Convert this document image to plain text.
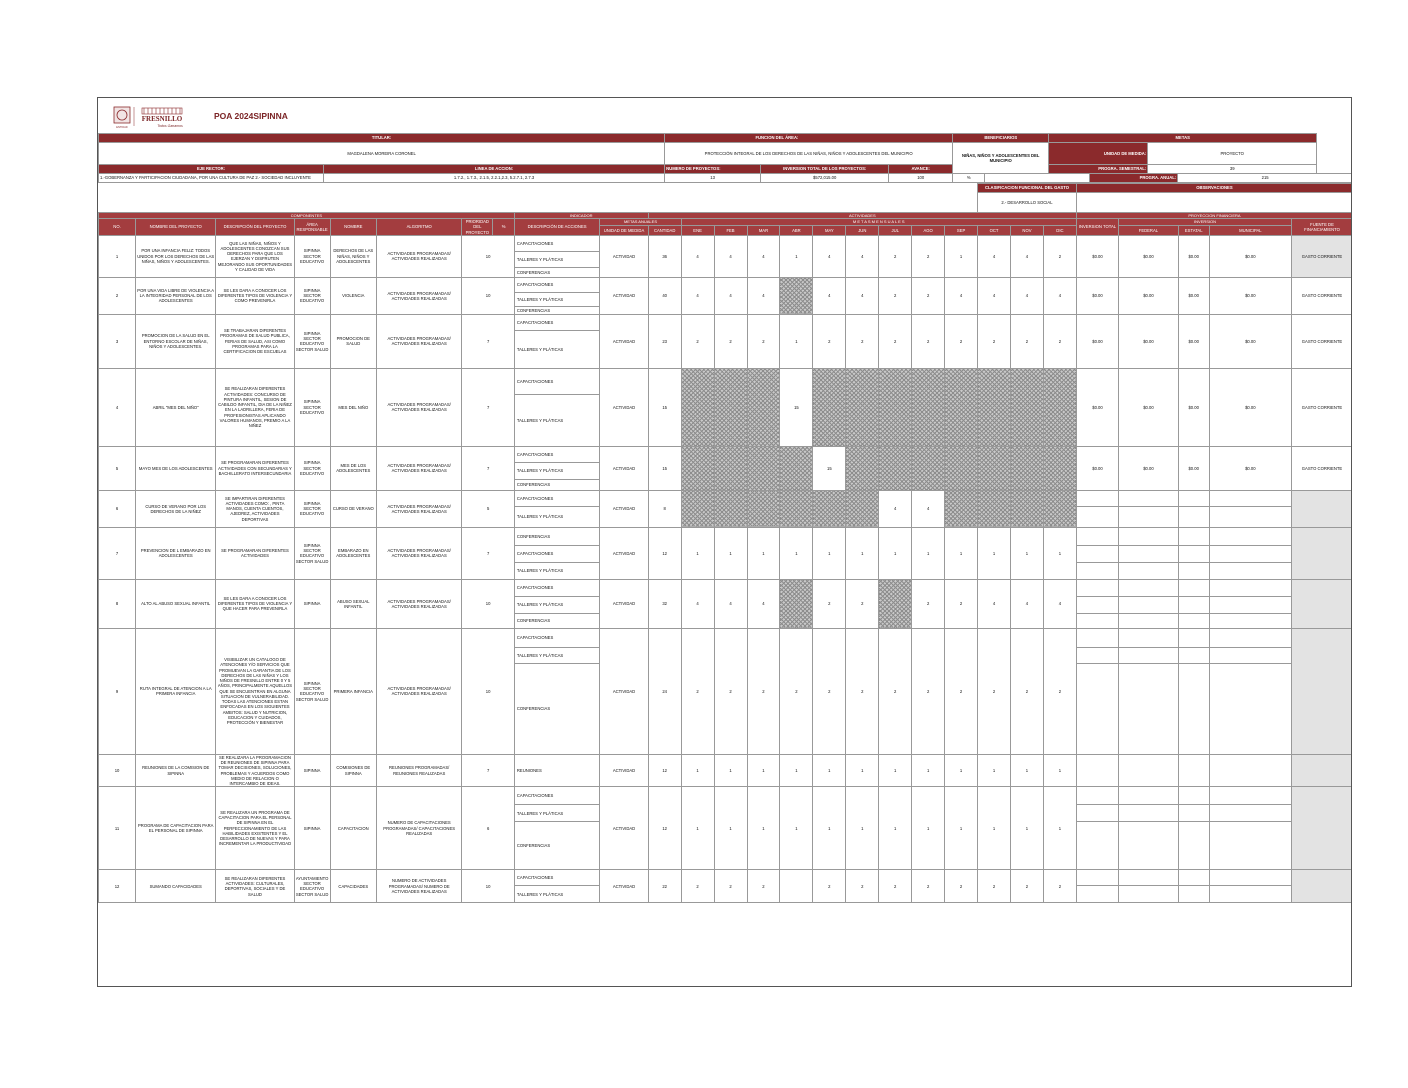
ENTIDAD
FRESNILLO
Todos Ganamos
POA 2024SIPINNA
TITULAR:		FUNCION DEL ÁREA:			BENEFICIARIOS		METAS			
MAGDALENA MOREIRA CORONEL		PROTECCIÓN INTEGRAL DE LOS DERECHOS DE LAS NIÑAS, NIÑOS Y ADOLESCENTES DEL MUNICIPIO			NIÑAS, NIÑOS Y ADOLESCENTES DEL MUNICIPIO		UNIDAD DE MEDIDA:		PROYECTO	
EJE RECTOR:	LINEA DE ACCION:	NUMERO DE PROYECTOS:	INVERSION TOTAL DE LOS PROYECTOS:	AVANCE:			PROGRA. SEMESTRAL:		39	
1.-GOBERNANZA Y PARTICIPACION CIUDADANA, POR UNA CULTURA DE PAZ 2.- SOCIEDAD INCLUYENTE	1.7.2., 1.7.3., 2.1.5, 2.2.1,2.3, 5.2.7.1, 2.7.3	13	$572,015.00	100	%			PROGRA. ANUAL:		215
																				CLASIFICACION FUNCIONAL DEL GASTO			OBSERVACIONES				
																				2.- DESARROLLO SOCIAL							
COMPONENTES								INDICADOR		ACTIVIDADES													PROYECCION FINANCIERA				
NO.	NOMBRE DEL PROYECTO	DESCRIPCIÓN DEL PROYECTO	ÁREA RESPONSABLE	NOMBRE	ALGORITMO	PRIORIDAD DEL PROYECTO	%	DESCRIPCIÓN DE ACCIONES	METAS ANUALES		M E T A S M E N S U A L E S												INVERSION TOTAL	INVERSION			FUENTE DE FINANCIAMIENTO
									UNIDAD DE MEDIDA	CANTIDAD	ENE	FEB	MAR	ABR	MAY	JUN	JUL	AGO	SEP	OCT	NOV	DIC		FEDERAL	ESTATAL	MUNICIPAL	
1	POR UNA INFANCIA FELIZ: TODOS UNIDOS POR LOS DERECHOS DE LAS NIÑAS, NIÑOS Y ADOLESCENTES.	QUE LAS NIÑAS, NIÑOS Y ADOLESCENTES CONOZCAN SUS DERECHOS PARA QUE LOS EJERZAN Y DISFRUTEN MEJORANDO SUS OPORTUNIDADES Y CALIDAD DE VIDA	SIPINNA SECTOR EDUCATIVO	DERECHOS DE LAS NIÑAS, NIÑOS Y ADOLESCENTES	ACTIVIDADES PROGRAMADAS/ ACTIVIDADES REALIZADAS	10		CAPACITACIONES	ACTIVIDAD	36	4	4	4	1	4	4	2	2	1	4	4	2	$0.00	$0.00	$0.00	$0.00	GASTO CORRIENTE
								TALLERES Y PLÁTICAS																			
								CONFERENCIAS																			
2	POR UNA VIDA LIBRE DE VIOLENCIA A LA INTEGRIDAD PERSONAL DE LOS ADOLESCENTES	SE LES DARA A CONOCER LOS DIFERENTES TIPOS DE VIOLENCIA Y COMO PREVENIRLA	SIPINNA SECTOR EDUCATIVO	VIOLENCIA	ACTIVIDADES PROGRAMADAS/ ACTIVIDADES REALIZADAS	10		CAPACITACIONES	ACTIVIDAD	40	4	4	4		4	4	2	2	4	4	4	4	$0.00	$0.00	$0.00	$0.00	GASTO CORRIENTE
								TALLERES Y PLÁTICAS																			
								CONFERENCIAS																			
3	PROMOCION DE LA SALUD EN EL ENTORNO ESCOLAR DE NIÑAS, NIÑOS Y ADOLESCENTES.	SE TRABAJARAN DIFERENTES PROGRAMAS DE SALUD PUBLICA, FERIAS DE SALUD, ASI COMO PROGRAMAS PARA LA CERTIFICACION DE ESCUELAS	SIPINNA SECTOR EDUCATIVO SECTOR SALUD	PROMOCION DE SALUD	ACTIVIDADES PROGRAMADAS/ ACTIVIDADES REALIZADAS	7		CAPACITACIONES	ACTIVIDAD	23	2	2	2	1	2	2	2	2	2	2	2	2	$0.00	$0.00	$0.00	$0.00	GASTO CORRIENTE
								TALLERES Y PLÁTICAS																			
4	ABRIL "MES DEL NIÑO"	SE REALIZARAN DIFERENTES ACTIVIDADES: CONCURSO DE PINTURA INFANTIL, SESION DE CABILDO INFANTIL, DIA DE LA NIÑEZ EN LA LADRILLERA, FERIA DE PROFESIONISTAS APLICANDO VALORES HUMANOS, PREMIO A LA NIÑEZ	SIPINNA SECTOR EDUCATIVO	MES DEL NIÑO	ACTIVIDADES PROGRAMADAS/ ACTIVIDADES REALIZADAS	7		CAPACITACIONES	ACTIVIDAD	15				15									$0.00	$0.00	$0.00	$0.00	GASTO CORRIENTE
								TALLERES Y PLÁTICAS																			
5	MAYO MES DE LOS ADOLESCENTES	SE PROGRAMARAN DIFERENTES ACTIVIDADES CON SECUNDARIAS Y BACHILLERATO INTERSECUNDARIA	SIPINNA SECTOR EDUCATIVO	MES DE LOS ADOLESCENTES	ACTIVIDADES PROGRAMADAS/ ACTIVIDADES REALIZADAS	7		CAPACITACIONES	ACTIVIDAD	15					15								$0.00	$0.00	$0.00	$0.00	GASTO CORRIENTE
								TALLERES Y PLÁTICAS																			
								CONFERENCIAS																			
6	CURSO DE VERANO POR LOS DERECHOS DE LA NIÑEZ	SE IMPARTIRAN DIFERENTES ACTIVIDADES COMO: , PINTA MANOS, CUENTA CUENTOS, AJEDREZ, ACTIVIDADES DEPORTIVAS	SIPINNA SECTOR EDUCATIVO	CURSO DE VERANO	ACTIVIDADES PROGRAMADAS/ ACTIVIDADES REALIZADAS	5		CAPACITACIONES	ACTIVIDAD	8							4	4									
								TALLERES Y PLÁTICAS																			
7	PREVENCION DE L EMBARAZO EN ADOLESCENTES	SE PROGRAMARAN DIFERENTES ACTIVIDADES	SIPINNA SECTOR EDUCATIVO SECTOR SALUD	EMBARAZO EN ADOLESCENTES	ACTIVIDADES PROGRAMADAS/ ACTIVIDADES REALIZADAS	7		CONFERENCIAS	ACTIVIDAD	12	1	1	1	1	1	1	1	1	1	1	1	1					
								CAPACITACIONES																			
								TALLERES Y PLÁTICAS																			
8	ALTO AL ABUSO SEXUAL INFANTIL	SE LES DARA A CONOCER LOS DIFERENTES TIPOS DE VIOLENCIA Y QUE HACER PARA PREVENIRLA	SIPINNA	ABUSO SEXUAL INFANTIL	ACTIVIDADES PROGRAMADAS/ ACTIVIDADES REALIZADAS	10		CAPACITACIONES	ACTIVIDAD	32	4	4	4		2	2		2	2	4	4	4					
								TALLERES Y PLÁTICAS																			
								CONFERENCIAS																			
9	RUTA INTEGRAL DE ATENCION A LA PRIMERA INFANCIA	VISIBILIZAR UN CATALOGO DE ATENCIONES Y/O SERVICIOS QUE PROMUEVAN LA GARANTIA DE LOS DERECHOS DE LAS NIÑAS Y LOS NIÑOS DE FRESNILLO ENTRE 0 Y 5 AÑOS, PRINCIPALMENTE AQUELLOS QUE SE ENCUENTRAN EN ALGUNA SITUACION DE VULNERABILIDAD. TODAS LAS ATENCIONES ESTAN ENFOCADAS EN LOS SIGUIENTES AMBITOS: SALUD Y NUTRICION, EDUCACION Y CUIDADOS, PROTECCIÓN Y BIENESTAR	SIPINNA SECTOR EDUCATIVO SECTOR SALUD	PRIMERA INFANCIA	ACTIVIDADES PROGRAMADAS/ ACTIVIDADES REALIZADAS	10		CAPACITACIONES	ACTIVIDAD	24	2	2	2	2	2	2	2	2	2	2	2	2					
								TALLERES Y PLÁTICAS																			
								CONFERENCIAS																			
10	REUNIONES DE LA COMISION DE SIPINNA	SE REALIZARA LA PROGRAMACION DE REUNIONES DE SIPINNA PARA TOMAR DECISIONES, SOLUCIONES, PROBLEMAS Y ACUERDOS COMO MEDIO DE RELACION O INTERCAMBIO DE IDEAS.	SIPINNA	COMISIONES DE SIPINNA	REUNIONES PROGRAMADAS/ REUNIONES REALIZADAS	7		REUNIONES	ACTIVIDAD	12	1	1	1	1	1	1	1	1	1	1	1	1					
11	PROGRAMA DE CAPACITACION PARA EL PERSONAL DE SIPINNA	SE REALIZARA UN PROGRAMA DE CAPACITACION PARA EL PERSONAL DE SIPINNA EN EL PERFECCIONAMIENTO DE LAS HABILIDADES EXISTENTES Y EL DESARROLLO DE NUEVAS Y PARA INCREMENTAR LA PRODUCTIVIDAD	SIPINNA	CAPACITACION	NUMERO DE CAPACITACIONES PROGRAMADAS/ CAPACITACIONES REALIZADAS	6		CAPACITACIONES	ACTIVIDAD	12	1	1	1	1	1	1	1	1	1	1	1	1					
								TALLERES Y PLÁTICAS																			
								CONFERENCIAS																			
12	SUMANDO CAPACIDADES	SE REALIZARAN DIFERENTES ACTIVIDADES: CULTURALES, DEPORTIVAS, SOCIALES Y DE SALUD	AYUNTAMIENTO SECTOR EDUCATIVO SECTOR SALUD	CAPACIDADES	NUMERO DE ACTIVIDADES PROGRAMADAS/ NUMERO DE ACTIVIDADES REALIZADAS	10		CAPACITACIONES	ACTIVIDAD	22	2	2	2		2	2	2	2	2	2	2	2					
								TALLERES Y PLÁTICAS																			
